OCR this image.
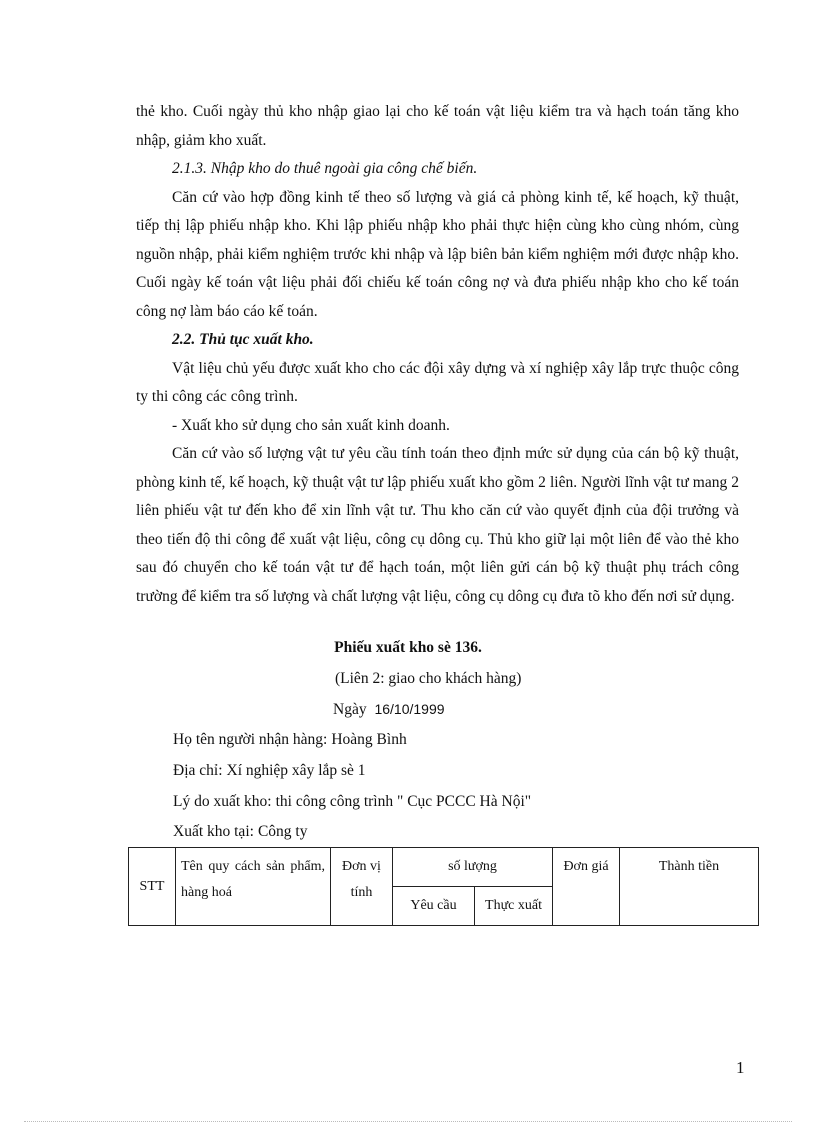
thẻ kho. Cuối ngày thủ kho nhập giao lại cho kế toán vật liệu kiểm tra và hạch toán tăng kho nhập, giảm kho xuất.

2.1.3. Nhập kho do thuê ngoài gia công chế biến.

Căn cứ vào hợp đồng kinh tế theo số lượng và giá cả phòng kinh tế, kế hoạch, kỹ thuật, tiếp thị lập phiếu nhập kho. Khi lập phiếu nhập kho phải thực hiện cùng kho cùng nhóm, cùng nguồn nhập, phải kiểm nghiệm trước khi nhập và lập biên bản kiểm nghiệm mới được nhập kho. Cuối ngày kế toán vật liệu phải đối chiếu kế toán công nợ và đưa phiếu nhập kho cho kế toán công nợ làm báo cáo kế toán.

2.2. Thủ tục xuất kho.

Vật liệu chủ yếu được xuất kho cho các đội xây dựng và xí nghiệp xây lắp trực thuộc công ty thi công các công trình.

- Xuất kho sử dụng cho sản xuất kinh doanh.

Căn cứ vào số lượng vật tư yêu cầu tính toán theo định mức sử dụng của cán bộ kỹ thuật, phòng kinh tế, kế hoạch, kỹ thuật vật tư lập phiếu xuất kho gồm 2 liên. Người lĩnh vật tư mang 2 liên phiếu vật tư đến kho để xin lĩnh vật tư. Thu kho căn cứ vào quyết định của đội trưởng và theo tiến độ thi công để xuất vật liệu, công cụ dông cụ. Thủ kho giữ lại một liên để vào thẻ kho sau đó chuyển cho kế toán vật tư để hạch toán, một liên gửi cán bộ kỹ thuật phụ trách công trường để kiểm tra số lượng và chất lượng vật liệu, công cụ dông cụ đưa tõ kho đến nơi sử dụng.

Phiếu xuất kho sè 136.
(Liên 2: giao cho khách hàng)
Ngày 16/10/1999
Họ tên người nhận hàng: Hoàng Bình
Địa chỉ: Xí nghiệp xây lắp sè 1
Lý do xuất kho: thi công công trình " Cục PCCC Hà Nội"
Xuất kho tại: Công ty
STT	Tên quy cách sản phẩm, hàng hoá	Đơn vị tính	số lượng		Đơn giá	Thành tiền
			Yêu cầu	Thực xuất		
1
